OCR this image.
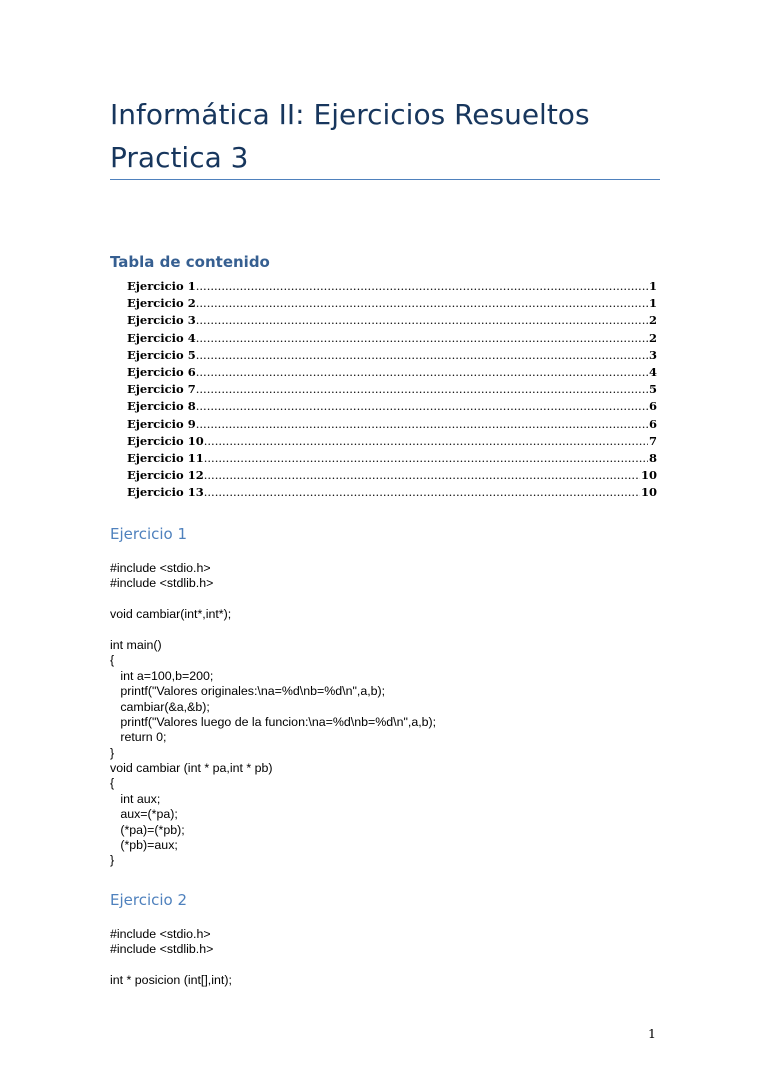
Informática II: Ejercicios Resueltos Practica 3
Tabla de contenido
Ejercicio 1 .....	1
Ejercicio 2 .....	1
Ejercicio 3 .....	2
Ejercicio 4 .....	2
Ejercicio 5 .....	3
Ejercicio 6 .....	4
Ejercicio 7 .....	5
Ejercicio 8 .....	6
Ejercicio 9 .....	6
Ejercicio 10 .....	7
Ejercicio 11 .....	8
Ejercicio 12 .....	10
Ejercicio 13 .....	10
Ejercicio 1
#include <stdio.h>
#include <stdlib.h>
void cambiar(int*,int*);
int main()
{
int a=100,b=200;
printf("Valores originales:\na=%d\nb=%d\n",a,b);
cambiar(&a,&b);
printf("Valores luego de la funcion:\na=%d\nb=%d\n",a,b);
return 0;
}
void cambiar (int * pa,int * pb)
{
int aux;
aux=(*pa);
(*pa)=(*pb);
(*pb)=aux;
}
Ejercicio 2
#include <stdio.h>
#include <stdlib.h>
int * posicion (int[],int);
1
